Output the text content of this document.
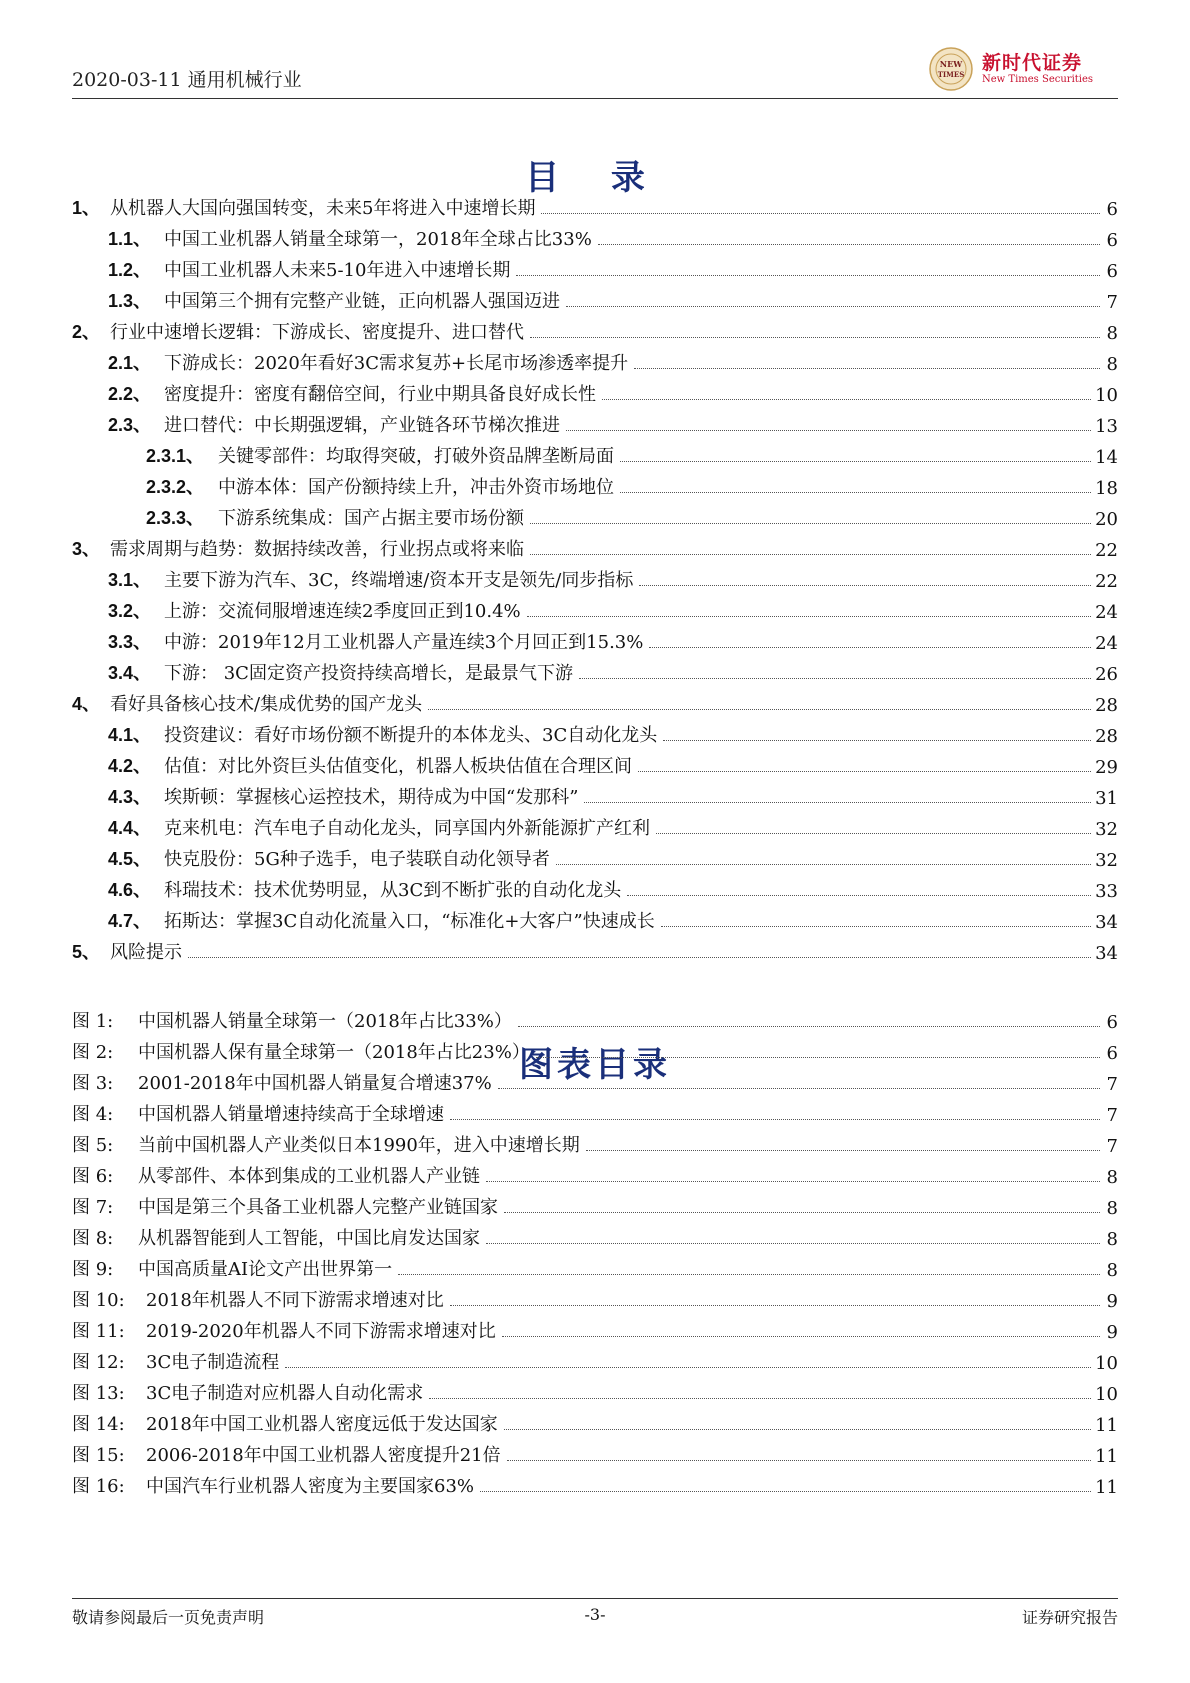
2020-03-11 通用机械行业
NEW
TIMES
新时代证券
New Times Securities
目 录
1、 从机器人大国向强国转变，未来5年将进入中速增长期	6
1.1、 中国工业机器人销量全球第一，2018年全球占比33%	6
1.2、 中国工业机器人未来5-10年进入中速增长期	6
1.3、 中国第三个拥有完整产业链，正向机器人强国迈进	7
2、 行业中速增长逻辑：下游成长、密度提升、进口替代	8
2.1、 下游成长：2020年看好3C需求复苏+长尾市场渗透率提升	8
2.2、 密度提升：密度有翻倍空间，行业中期具备良好成长性	10
2.3、 进口替代：中长期强逻辑，产业链各环节梯次推进	13
2.3.1、 关键零部件：均取得突破，打破外资品牌垄断局面	14
2.3.2、 中游本体：国产份额持续上升，冲击外资市场地位	18
2.3.3、 下游系统集成：国产占据主要市场份额	20
3、 需求周期与趋势：数据持续改善，行业拐点或将来临	22
3.1、 主要下游为汽车、3C，终端增速/资本开支是领先/同步指标	22
3.2、 上游：交流伺服增速连续2季度回正到10.4%	24
3.3、 中游：2019年12月工业机器人产量连续3个月回正到15.3%	24
3.4、 下游： 3C固定资产投资持续高增长，是最景气下游	26
4、 看好具备核心技术/集成优势的国产龙头	28
4.1、 投资建议：看好市场份额不断提升的本体龙头、3C自动化龙头	28
4.2、 估值：对比外资巨头估值变化，机器人板块估值在合理区间	29
4.3、 埃斯顿：掌握核心运控技术，期待成为中国“发那科”	31
4.4、 克来机电：汽车电子自动化龙头，同享国内外新能源扩产红利	32
4.5、 快克股份：5G种子选手，电子装联自动化领导者	32
4.6、 科瑞技术：技术优势明显，从3C到不断扩张的自动化龙头	33
4.7、 拓斯达：掌握3C自动化流量入口，“标准化+大客户”快速成长	34
5、 风险提示	34
图表目录
图 1:	中国机器人销量全球第一（2018年占比33%）	6
图 2:	中国机器人保有量全球第一（2018年占比23%）	6
图 3:	2001-2018年中国机器人销量复合增速37%	7
图 4:	中国机器人销量增速持续高于全球增速	7
图 5:	当前中国机器人产业类似日本1990年，进入中速增长期	7
图 6:	从零部件、本体到集成的工业机器人产业链	8
图 7:	中国是第三个具备工业机器人完整产业链国家	8
图 8:	从机器智能到人工智能，中国比肩发达国家	8
图 9:	中国高质量AI论文产出世界第一	8
图 10:	2018年机器人不同下游需求增速对比	9
图 11:	2019-2020年机器人不同下游需求增速对比	9
图 12:	3C电子制造流程	10
图 13:	3C电子制造对应机器人自动化需求	10
图 14:	2018年中国工业机器人密度远低于发达国家	11
图 15:	2006-2018年中国工业机器人密度提升21倍	11
图 16:	中国汽车行业机器人密度为主要国家63%	11
敬请参阅最后一页免责声明	-3-	证券研究报告
